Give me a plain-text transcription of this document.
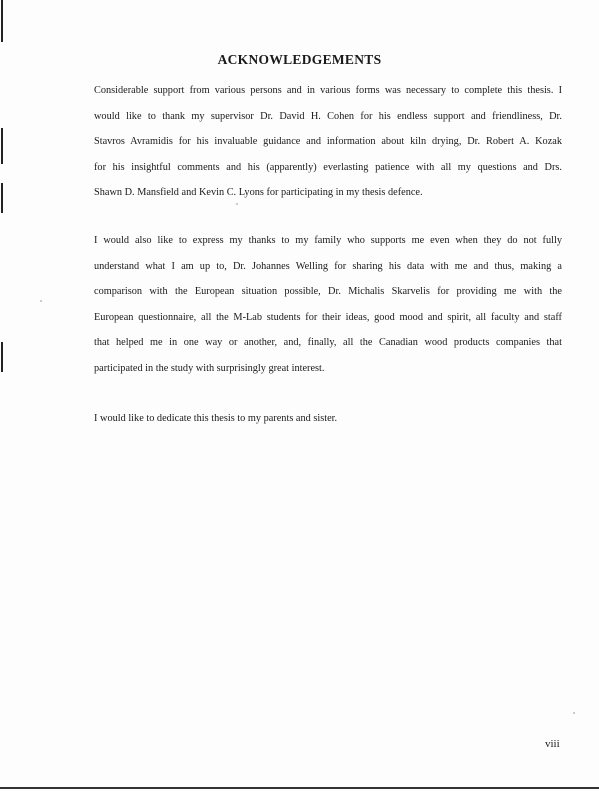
ACKNOWLEDGEMENTS
Considerable support from various persons and in various forms was necessary to complete this thesis. I
would like to thank my supervisor Dr. David H. Cohen for his endless support and friendliness, Dr.
Stavros Avramidis for his invaluable guidance and information about kiln drying, Dr. Robert A. Kozak
for his insightful comments and his (apparently) everlasting patience with all my questions and Drs.
Shawn D. Mansfield and Kevin C. Lyons for participating in my thesis defence.
I would also like to express my thanks to my family who supports me even when they do not fully
understand what I am up to, Dr. Johannes Welling for sharing his data with me and thus, making a
comparison with the European situation possible, Dr. Michalis Skarvelis for providing me with the
European questionnaire, all the M-Lab students for their ideas, good mood and spirit, all faculty and staff
that helped me in one way or another, and, finally, all the Canadian wood products companies that
participated in the study with surprisingly great interest.
I would like to dedicate this thesis to my parents and sister.
viii
